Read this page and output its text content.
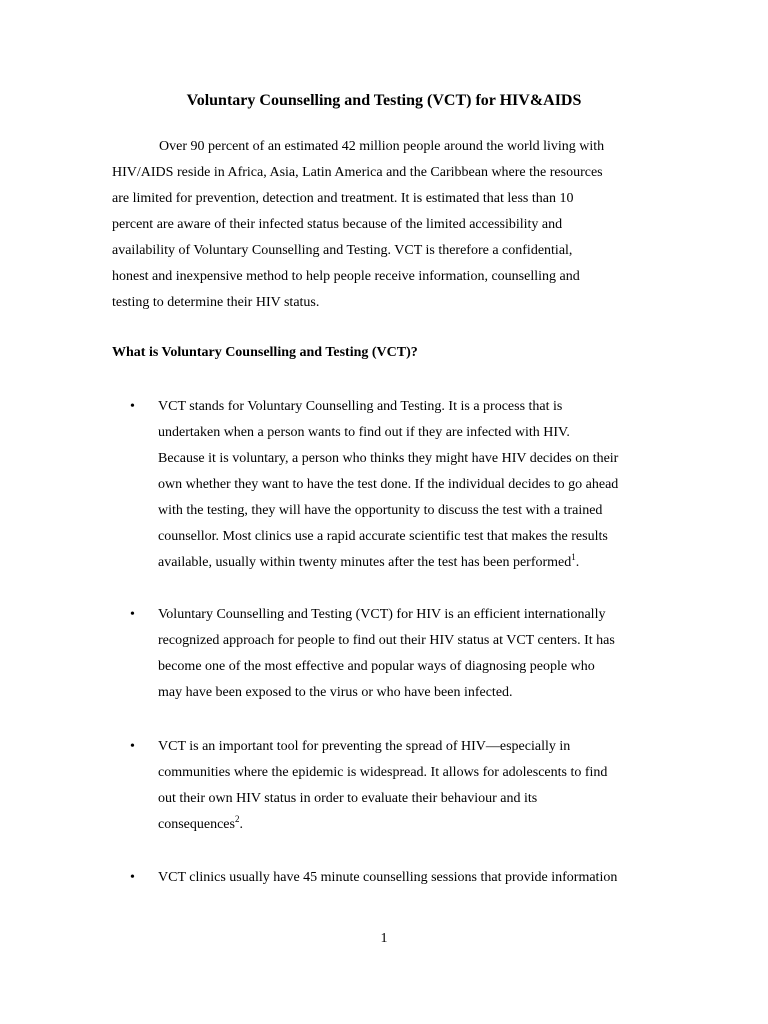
Voluntary Counselling and Testing (VCT) for HIV&AIDS

Over 90 percent of an estimated 42 million people around the world living with
HIV/AIDS reside in Africa, Asia, Latin America and the Caribbean where the resources
are limited for prevention, detection and treatment. It is estimated that less than 10
percent are aware of their infected status because of the limited accessibility and
availability of Voluntary Counselling and Testing. VCT is therefore a confidential,
honest and inexpensive method to help people receive information, counselling and
testing to determine their HIV status.

What is Voluntary Counselling and Testing (VCT)?
• VCT stands for Voluntary Counselling and Testing. It is a process that is
undertaken when a person wants to find out if they are infected with HIV.
Because it is voluntary, a person who thinks they might have HIV decides on their
own whether they want to have the test done. If the individual decides to go ahead
with the testing, they will have the opportunity to discuss the test with a trained
counsellor. Most clinics use a rapid accurate scientific test that makes the results
available, usually within twenty minutes after the test has been performed$^1$.
• Voluntary Counselling and Testing (VCT) for HIV is an efficient internationally
recognized approach for people to find out their HIV status at VCT centers. It has
become one of the most effective and popular ways of diagnosing people who
may have been exposed to the virus or who have been infected.
• VCT is an important tool for preventing the spread of HIV—especially in
communities where the epidemic is widespread. It allows for adolescents to find
out their own HIV status in order to evaluate their behaviour and its
consequences$^2$.
• VCT clinics usually have 45 minute counselling sessions that provide information
1
